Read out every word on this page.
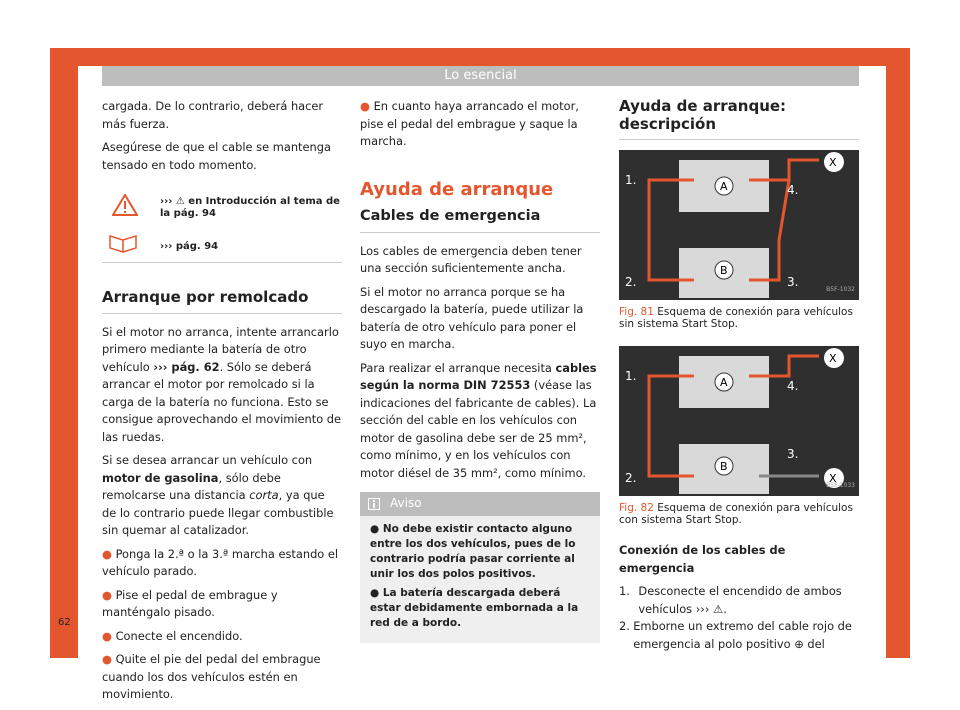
Lo esencial
62

cargada. De lo contrario, deberá hacer más fuerza.

Asegúrese de que el cable se mantenga tensado en todo momento.

››› ⚠ en Introducción al tema de la pág. 94
››› pág. 94
Arranque por remolcado

Si el motor no arranca, intente arrancarlo primero mediante la batería de otro vehículo ››› pág. 62. Sólo se deberá arrancar el motor por remolcado si la carga de la batería no funciona. Esto se consigue aprovechando el movimiento de las ruedas.

Si se desea arrancar un vehículo con motor de gasolina, sólo debe remolcarse una distancia corta, ya que de lo contrario puede llegar combustible sin quemar al catalizador.

● Ponga la 2.ª o la 3.ª marcha estando el vehículo parado.

● Pise el pedal de embrague y manténgalo pisado.

● Conecte el encendido.

● Quite el pie del pedal del embrague cuando los dos vehículos estén en movimiento.

● En cuanto haya arrancado el motor, pise el pedal del embrague y saque la marcha.

Ayuda de arranque
Cables de emergencia

Los cables de emergencia deben tener una sección suficientemente ancha.

Si el motor no arranca porque se ha descargado la batería, puede utilizar la batería de otro vehículo para poner el suyo en marcha.

Para realizar el arranque necesita cables según la norma DIN 72553 (véase las indicaciones del fabricante de cables). La sección del cable en los vehículos con motor de gasolina debe ser de 25 mm², como mínimo, y en los vehículos con motor diésel de 35 mm², como mínimo.

Aviso

● No debe existir contacto alguno entre los dos vehículos, pues de lo contrario podría pasar corriente al unir los dos polos positivos.

● La batería descargada deberá estar debidamente embornada a la red de a bordo.

Ayuda de arranque: descripción
A
B
X
1.
2.	3.
4.
B5F-1032
Fig. 81 Esquema de conexión para vehículos sin sistema Start Stop.
A
B
X
X
1.
2.
3.
4.
B5F-1033
Fig. 82 Esquema de conexión para vehículos con sistema Start Stop.
Conexión de los cables de emergencia
1. Desconecte el encendido de ambos vehículos ››› ⚠.
2. Emborne un extremo del cable rojo de emergencia al polo positivo ⊕ del
